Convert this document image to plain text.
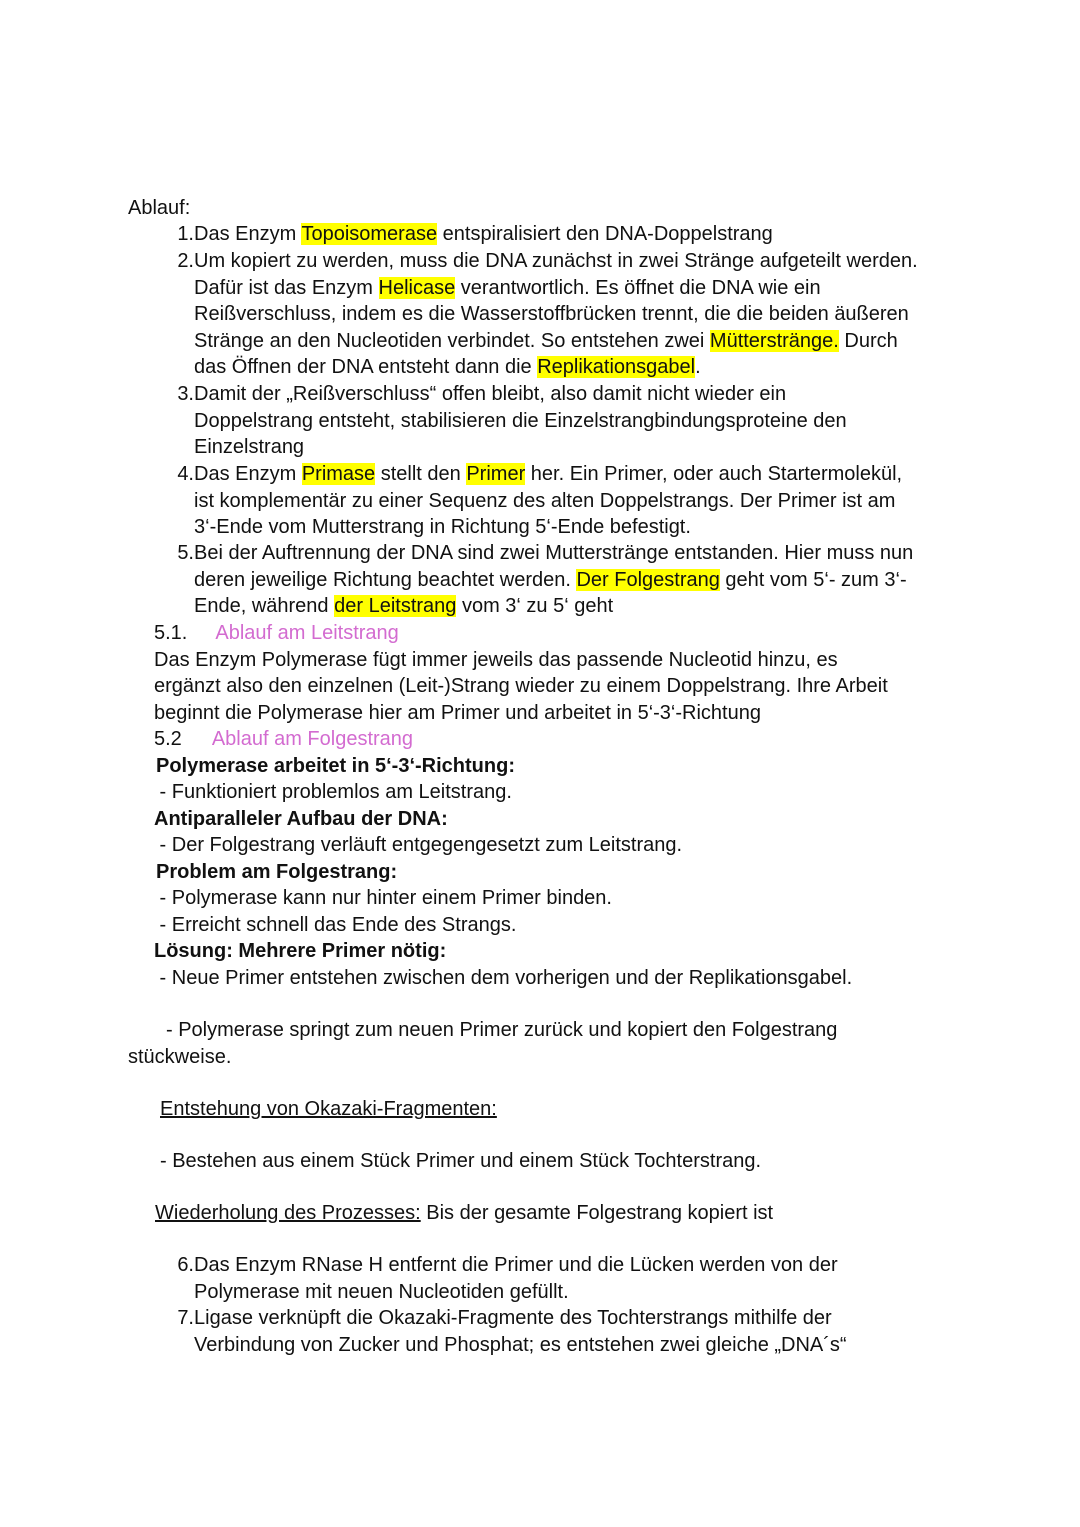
Ablauf:
1. Das Enzym Topoisomerase entspiralisiert den DNA-Doppelstrang
2. Um kopiert zu werden, muss die DNA zunächst in zwei Stränge aufgeteilt werden.
Dafür ist das Enzym Helicase verantwortlich. Es öffnet die DNA wie ein
Reißverschluss, indem es die Wasserstoffbrücken trennt, die die beiden äußeren
Stränge an den Nucleotiden verbindet. So entstehen zwei Mütterstränge. Durch
das Öffnen der DNA entsteht dann die Replikationsgabel.
3. Damit der „Reißverschluss“ offen bleibt, also damit nicht wieder ein
Doppelstrang entsteht, stabilisieren die Einzelstrangbindungsproteine den
Einzelstrang
4. Das Enzym Primase stellt den Primer her. Ein Primer, oder auch Startermolekül,
ist komplementär zu einer Sequenz des alten Doppelstrangs. Der Primer ist am
3‘-Ende vom Mutterstrang in Richtung 5‘-Ende befestigt.
5. Bei der Auftrennung der DNA sind zwei Mutterstränge entstanden. Hier muss nun
deren jeweilige Richtung beachtet werden. Der Folgestrang geht vom 5‘- zum 3‘-
Ende, während der Leitstrang vom 3‘ zu 5‘ geht
5.1. Ablauf am Leitstrang
Das Enzym Polymerase fügt immer jeweils das passende Nucleotid hinzu, es
ergänzt also den einzelnen (Leit-)Strang wieder zu einem Doppelstrang. Ihre Arbeit
beginnt die Polymerase hier am Primer und arbeitet in 5‘-3‘-Richtung
5.2 Ablauf am Folgestrang
Polymerase arbeitet in 5‘-3‘-Richtung:
- Funktioniert problemlos am Leitstrang.
Antiparalleler Aufbau der DNA:
- Der Folgestrang verläuft entgegengesetzt zum Leitstrang.
Problem am Folgestrang:
- Polymerase kann nur hinter einem Primer binden.
- Erreicht schnell das Ende des Strangs.
Lösung: Mehrere Primer nötig:
- Neue Primer entstehen zwischen dem vorherigen und der Replikationsgabel.
- Polymerase springt zum neuen Primer zurück und kopiert den Folgestrang
stückweise.
Entstehung von Okazaki-Fragmenten:
- Bestehen aus einem Stück Primer und einem Stück Tochterstrang.
Wiederholung des Prozesses: Bis der gesamte Folgestrang kopiert ist
6. Das Enzym RNase H entfernt die Primer und die Lücken werden von der
Polymerase mit neuen Nucleotiden gefüllt.
7. Ligase verknüpft die Okazaki-Fragmente des Tochterstrangs mithilfe der
Verbindung von Zucker und Phosphat; es entstehen zwei gleiche „DNA´s“
